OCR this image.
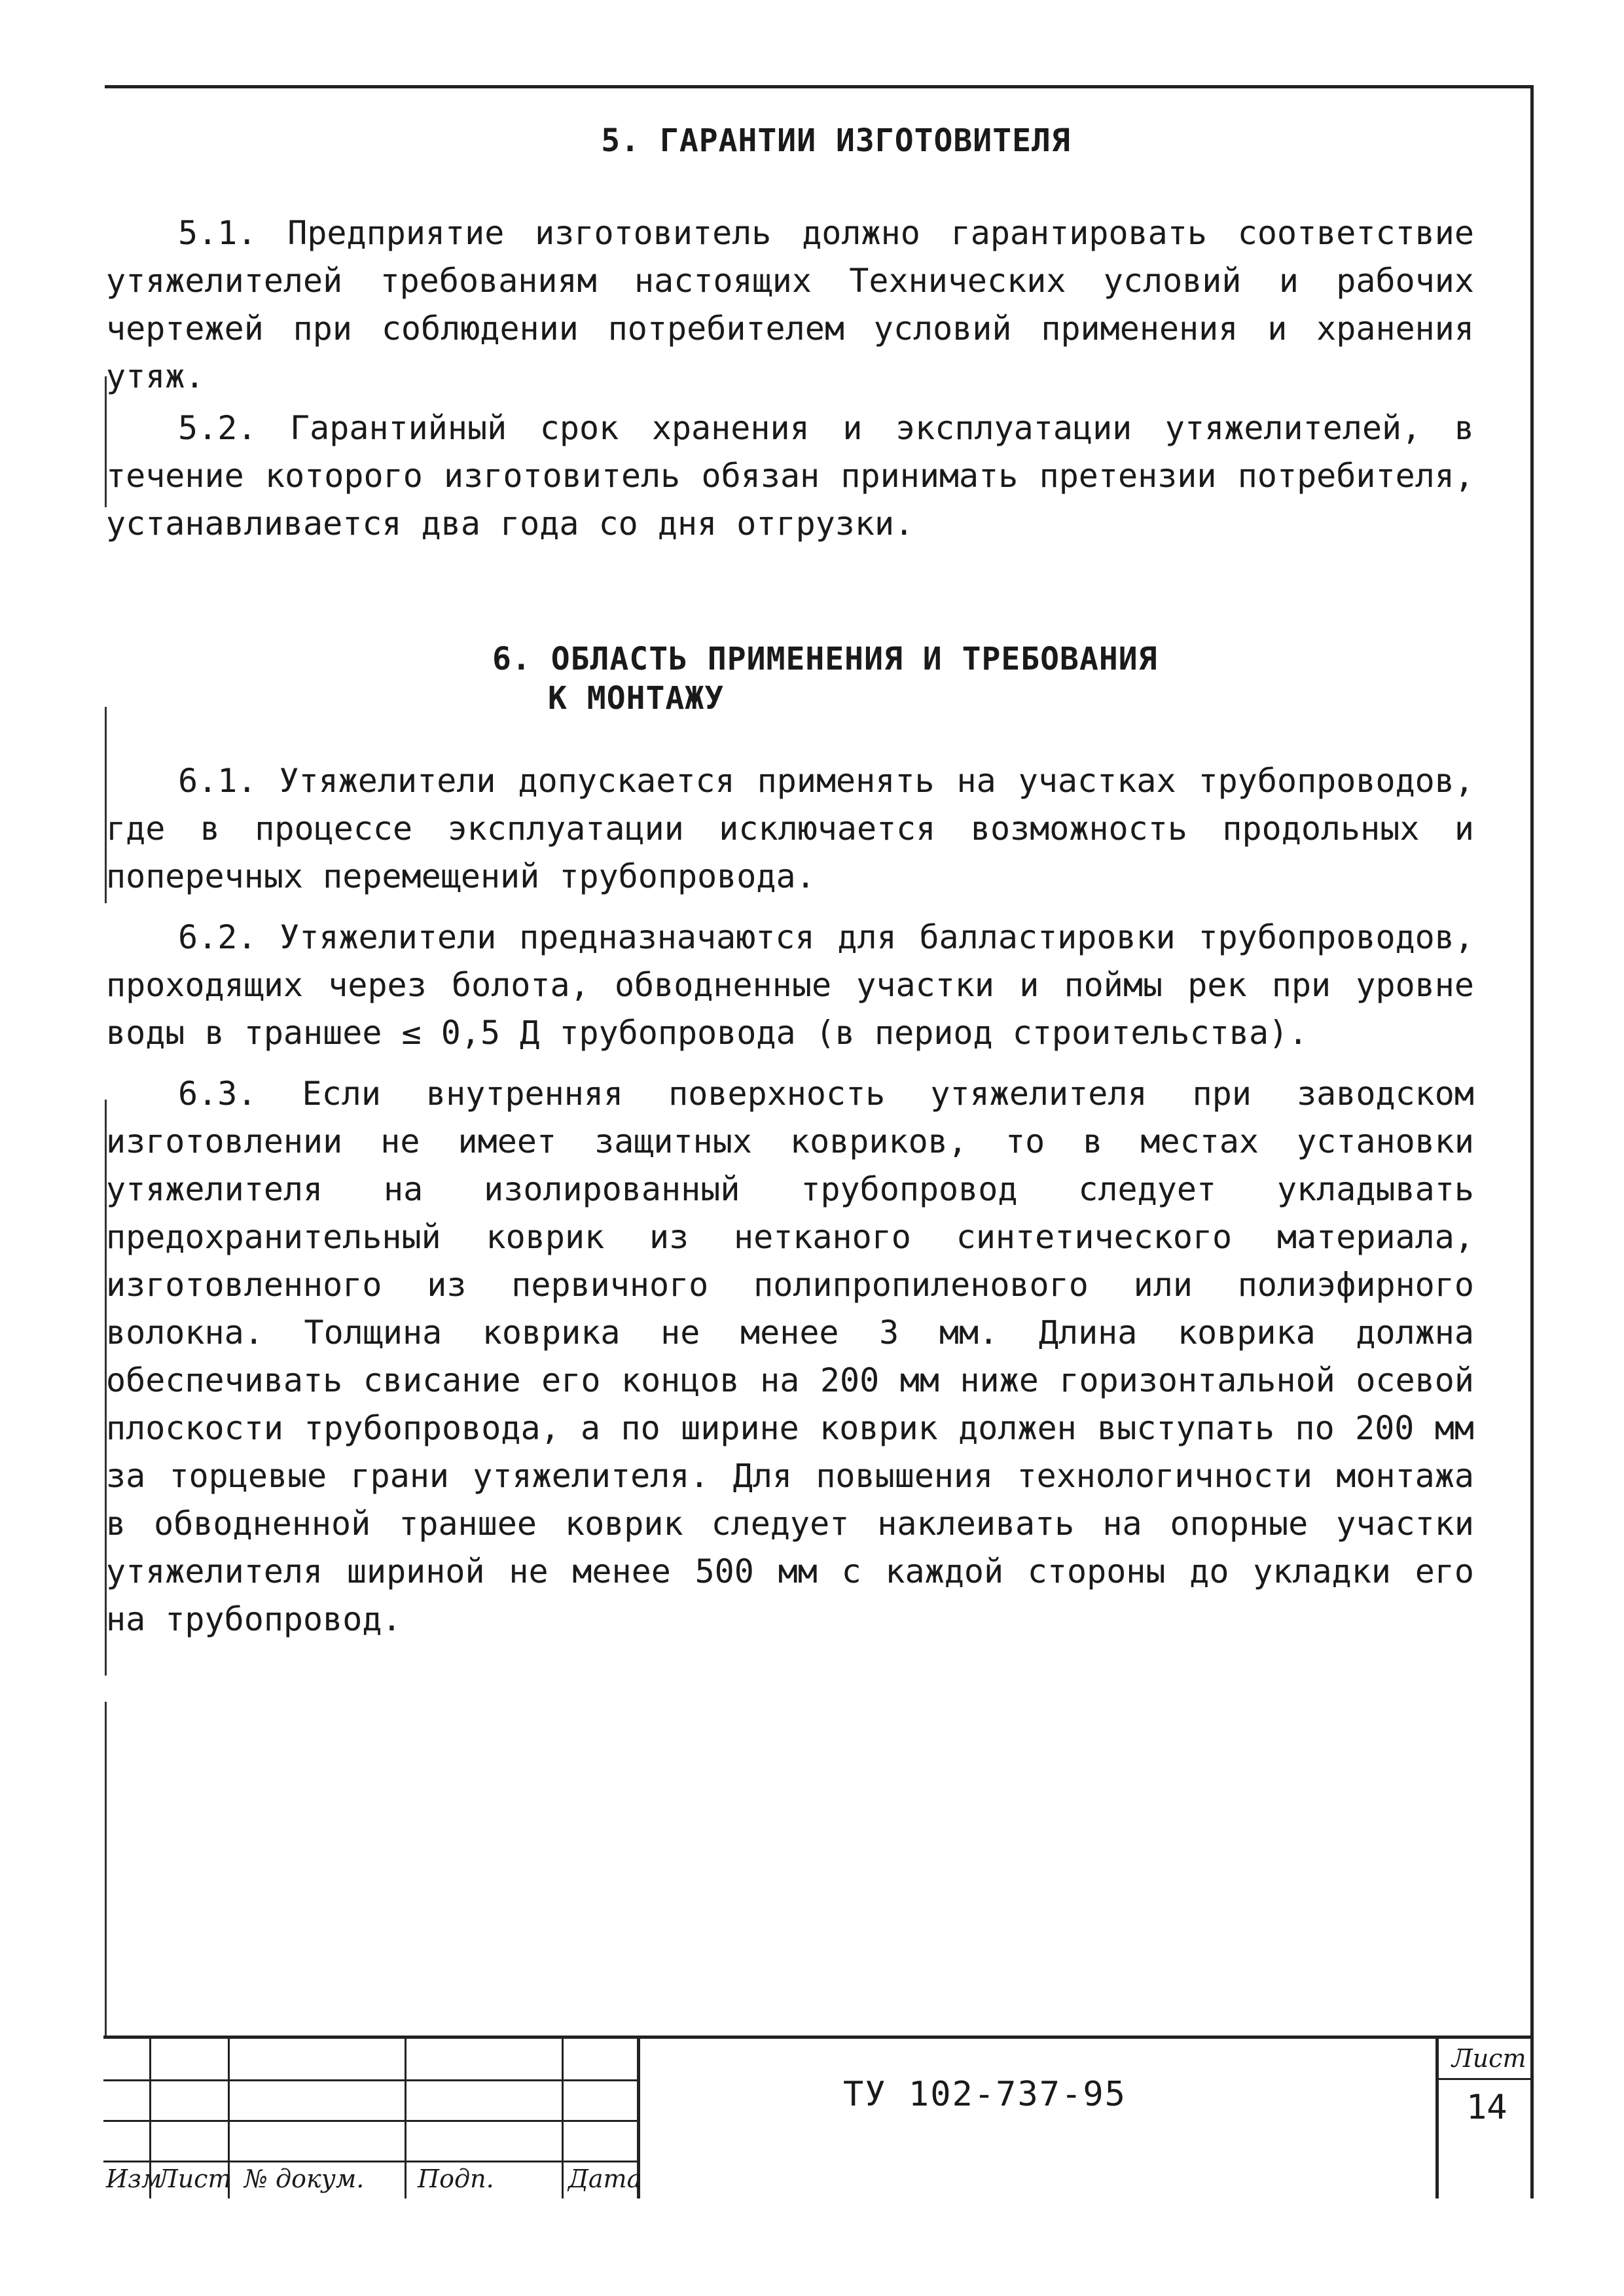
5. ГАРАНТИИ ИЗГОТОВИТЕЛЯ

5.1. Предприятие изготовитель должно гарантировать соответствие утяжелителей требованиям настоящих Технических условий и рабочих чертежей при соблюдении потребителем условий применения и хранения утяж.

5.2. Гарантийный срок хранения и эксплуатации утяжелителей, в течение которого изготовитель обязан принимать претензии потребителя, устанавливается два года со дня отгрузки.

6. ОБЛАСТЬ ПРИМЕНЕНИЯ И ТРЕБОВАНИЯ
К МОНТАЖУ

6.1. Утяжелители допускается применять на участках трубопроводов, где в процессе эксплуатации исключается возможность продольных и поперечных перемещений трубопровода.

6.2. Утяжелители предназначаются для балластировки трубопроводов, проходящих через болота, обводненные участки и поймы рек при уровне воды в траншее ≤ 0,5 Д трубопровода (в период строительства).

6.3. Если внутренняя поверхность утяжелителя при заводском изготовлении не имеет защитных ковриков, то в местах установки утяжелителя на изолированный трубопровод следует укладывать предохранительный коврик из нетканого синтетического материала, изготовленного из первичного полипропиленового или полиэфирного волокна. Толщина коврика не менее 3 мм. Длина коврика должна обеспечивать свисание его концов на 200 мм ниже горизонтальной осевой плоскости трубопровода, а по ширине коврик должен выступать по 200 мм за торцевые грани утяжелителя. Для повышения технологичности монтажа в обводненной траншее коврик следует наклеивать на опорные участки утяжелителя шириной не менее 500 мм с каждой стороны до укладки его на трубопровод.

Изм
Лист № докум. Подп.	Дата
ТУ 102-737-95
Лист
14
